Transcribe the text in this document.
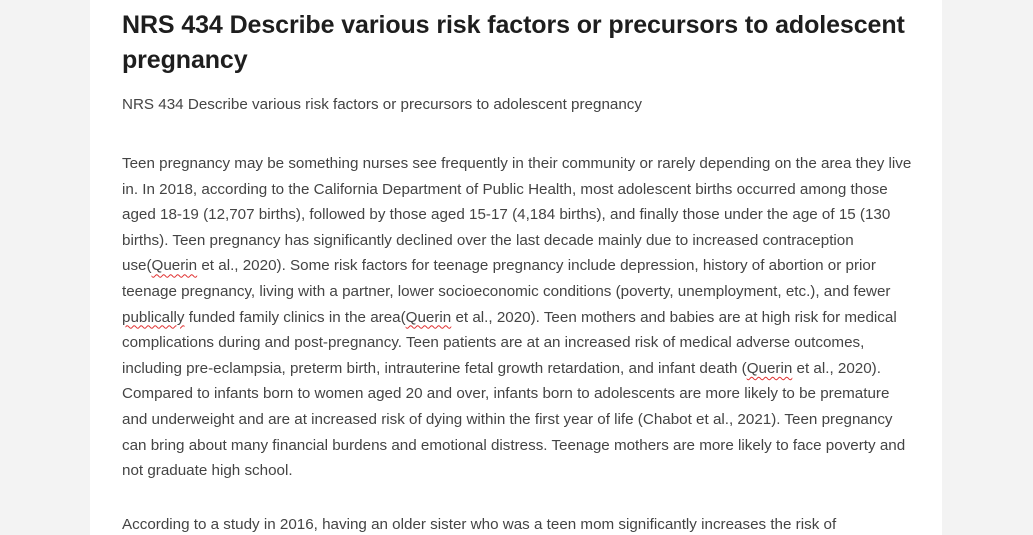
NRS 434 Describe various risk factors or precursors to adolescent pregnancy

NRS 434 Describe various risk factors or precursors to adolescent pregnancy

Teen pregnancy may be something nurses see frequently in their community or rarely depending on the area they live in. In 2018, according to the California Department of Public Health, most adolescent births occurred among those aged 18-19 (12,707 births), followed by those aged 15-17 (4,184 births), and finally those under the age of 15 (130 births). Teen pregnancy has significantly declined over the last decade mainly due to increased contraception use(Querin et al., 2020). Some risk factors for teenage pregnancy include depression, history of abortion or prior teenage pregnancy, living with a partner, lower socioeconomic conditions (poverty, unemployment, etc.), and fewer publically funded family clinics in the area(Querin et al., 2020). Teen mothers and babies are at high risk for medical complications during and post-pregnancy. Teen patients are at an increased risk of medical adverse outcomes, including pre-eclampsia, preterm birth, intrauterine fetal growth retardation, and infant death (Querin et al., 2020). Compared to infants born to women aged 20 and over, infants born to adolescents are more likely to be premature and underweight and are at increased risk of dying within the first year of life (Chabot et al., 2021). Teen pregnancy can bring about many financial burdens and emotional distress. Teenage mothers are more likely to face poverty and not graduate high school.

According to a study in 2016, having an older sister who was a teen mom significantly increases the risk of
